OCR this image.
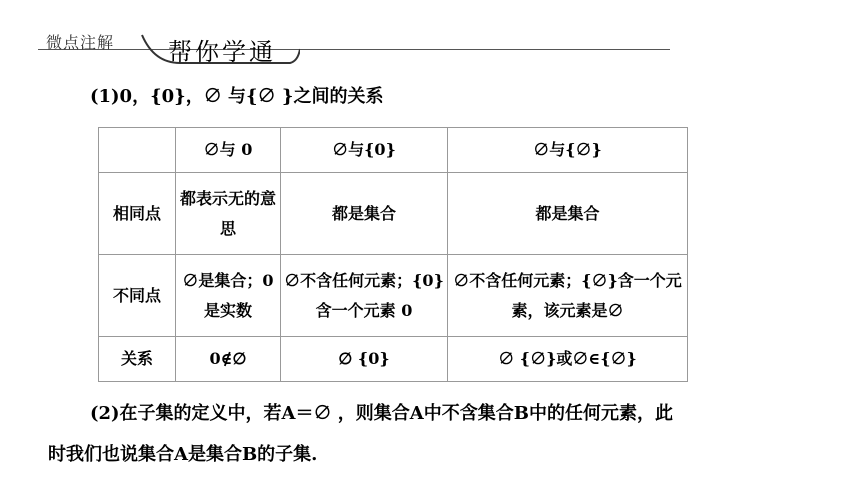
微点注解 帮你学通
(1)0，{0}，∅ 与{∅ }之间的关系
	∅与 0	∅与{0}	∅与{∅}
相同点	都表示无的意思	都是集合	都是集合
不同点	∅是集合；0 是实数	∅不含任何元素；{0}含一个元素 0	∅不含任何元素；{∅}含一个元素，该元素是∅
关系	0∉∅	∅ {0}	∅ {∅}或∅∈{∅}
(2)在子集的定义中，若A＝∅ ，则集合A中不含集合B中的任何元素，此
时我们也说集合A是集合B的子集.
